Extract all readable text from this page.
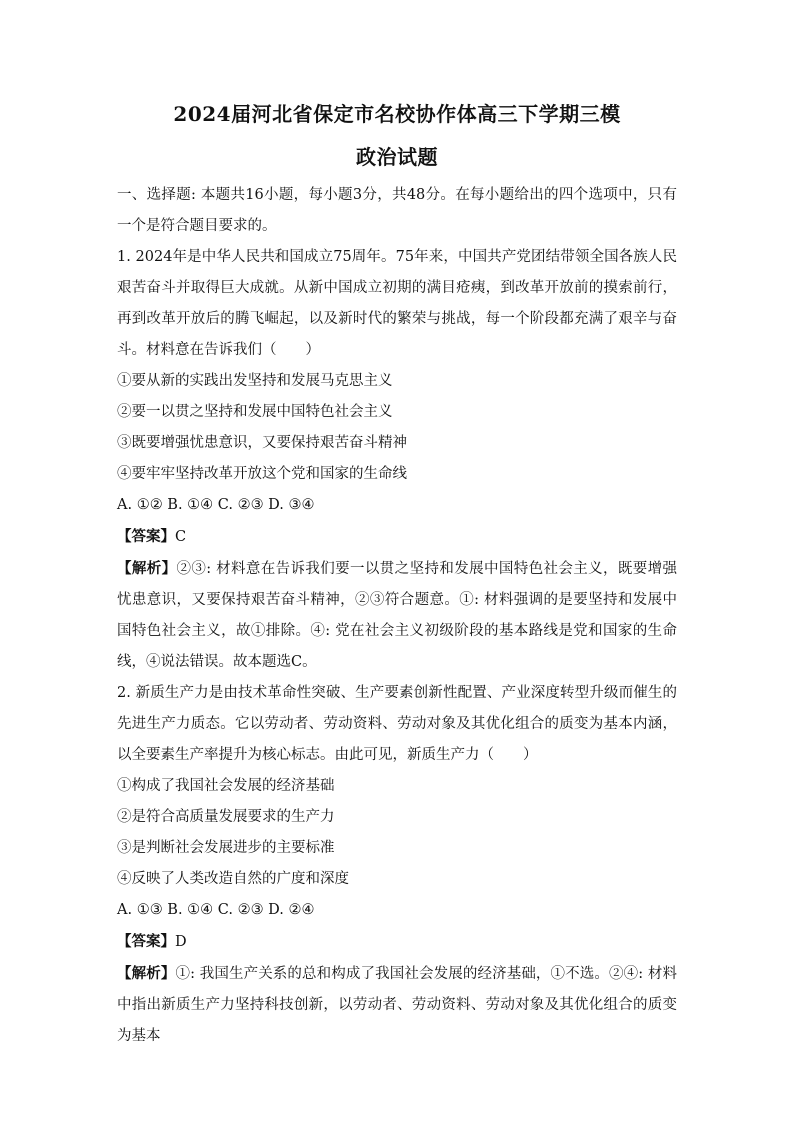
2024届河北省保定市名校协作体高三下学期三模
政治试题

一、选择题: 本题共16小题，每小题3分，共48分。在每小题给出的四个选项中，只有一个是符合题目要求的。

1. 2024年是中华人民共和国成立75周年。75年来，中国共产党团结带领全国各族人民艰苦奋斗并取得巨大成就。从新中国成立初期的满目疮痍，到改革开放前的摸索前行，再到改革开放后的腾飞崛起，以及新时代的繁荣与挑战，每一个阶段都充满了艰辛与奋斗。材料意在告诉我们（　　）

①要从新的实践出发坚持和发展马克思主义

②要一以贯之坚持和发展中国特色社会主义

③既要增强忧患意识，又要保持艰苦奋斗精神

④要牢牢坚持改革开放这个党和国家的生命线

A. ①② B. ①④ C. ②③ D. ③④

【答案】C

【解析】②③: 材料意在告诉我们要一以贯之坚持和发展中国特色社会主义，既要增强忧患意识，又要保持艰苦奋斗精神，②③符合题意。①: 材料强调的是要坚持和发展中国特色社会主义，故①排除。④: 党在社会主义初级阶段的基本路线是党和国家的生命线，④说法错误。故本题选C。

2. 新质生产力是由技术革命性突破、生产要素创新性配置、产业深度转型升级而催生的先进生产力质态。它以劳动者、劳动资料、劳动对象及其优化组合的质变为基本内涵，以全要素生产率提升为核心标志。由此可见，新质生产力（　　）

①构成了我国社会发展的经济基础

②是符合高质量发展要求的生产力

③是判断社会发展进步的主要标准

④反映了人类改造自然的广度和深度

A. ①③ B. ①④ C. ②③ D. ②④

【答案】D

【解析】①: 我国生产关系的总和构成了我国社会发展的经济基础，①不选。②④: 材料中指出新质生产力坚持科技创新，以劳动者、劳动资料、劳动对象及其优化组合的质变为基本
